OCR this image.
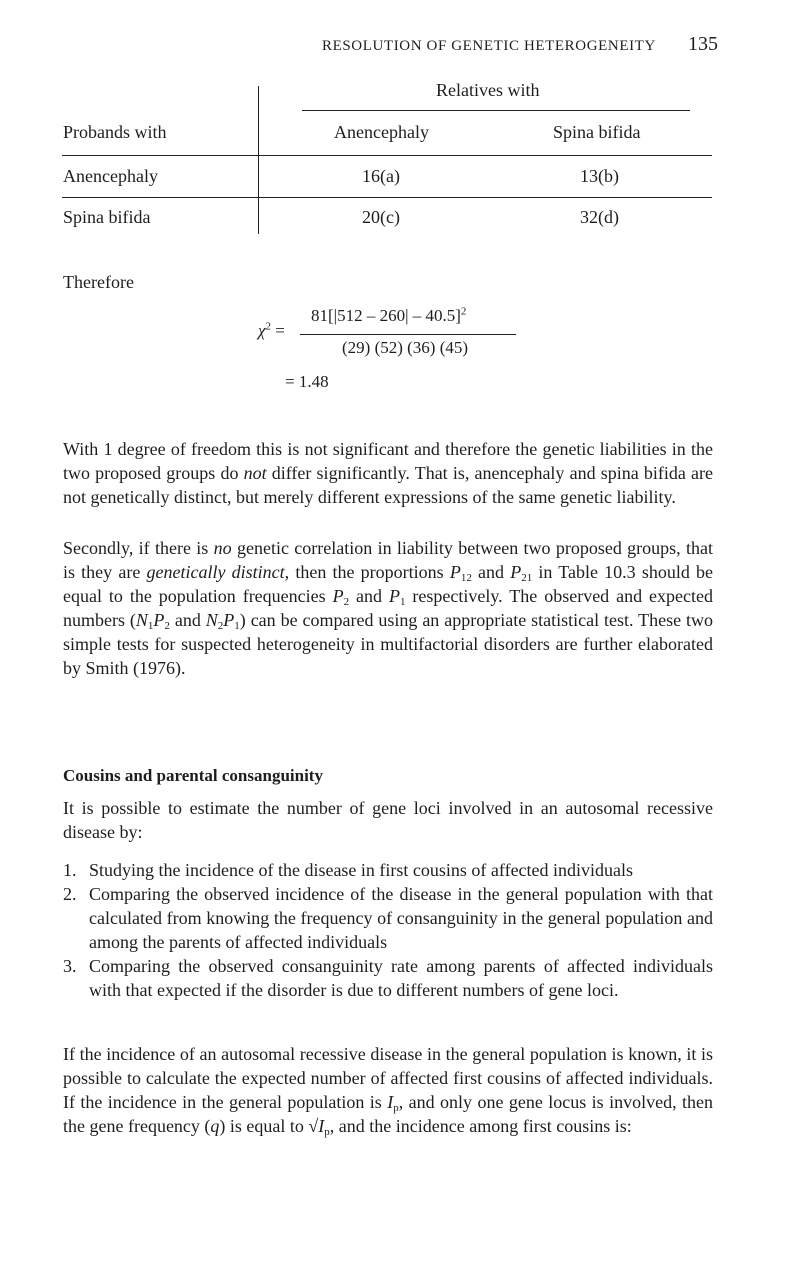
RESOLUTION OF GENETIC HETEROGENEITY 135
Relatives with
Probands with	Anencephaly	Spina bifida
Anencephaly	16(a)	13(b)
Spina bifida	20(c)	32(d)
Therefore
$\chi^2$ =
81[|512 – 260| – 40.5]$^2$
(29) (52) (36) (45)
= 1.48
With 1 degree of freedom this is not significant and therefore the genetic liabilities in the two proposed groups do not differ significantly. That is, anencephaly and spina bifida are not genetically distinct, but merely different expressions of the same genetic liability.
Secondly, if there is no genetic correlation in liability between two proposed groups, that is they are genetically distinct, then the proportions $P_{12}$ and $P_{21}$ in Table 10.3 should be equal to the population frequencies $P_2$ and $P_1$ respectively. The observed and expected numbers ($N_1P_2$ and $N_2P_1$) can be compared using an appropriate statistical test. These two simple tests for suspected heterogeneity in multifactorial disorders are further elaborated by Smith (1976).
Cousins and parental consanguinity
It is possible to estimate the number of gene loci involved in an autosomal recessive disease by:
1. Studying the incidence of the disease in first cousins of affected individuals
2. Comparing the observed incidence of the disease in the general population with that calculated from knowing the frequency of consanguinity in the general population and among the parents of affected individuals
3. Comparing the observed consanguinity rate among parents of affected individuals with that expected if the disorder is due to different numbers of gene loci.
If the incidence of an autosomal recessive disease in the general population is known, it is possible to calculate the expected number of affected first cousins of affected individuals. If the incidence in the general population is $I_p$, and only one gene locus is involved, then the gene frequency (q) is equal to $√I_p$, and the incidence among first cousins is:
